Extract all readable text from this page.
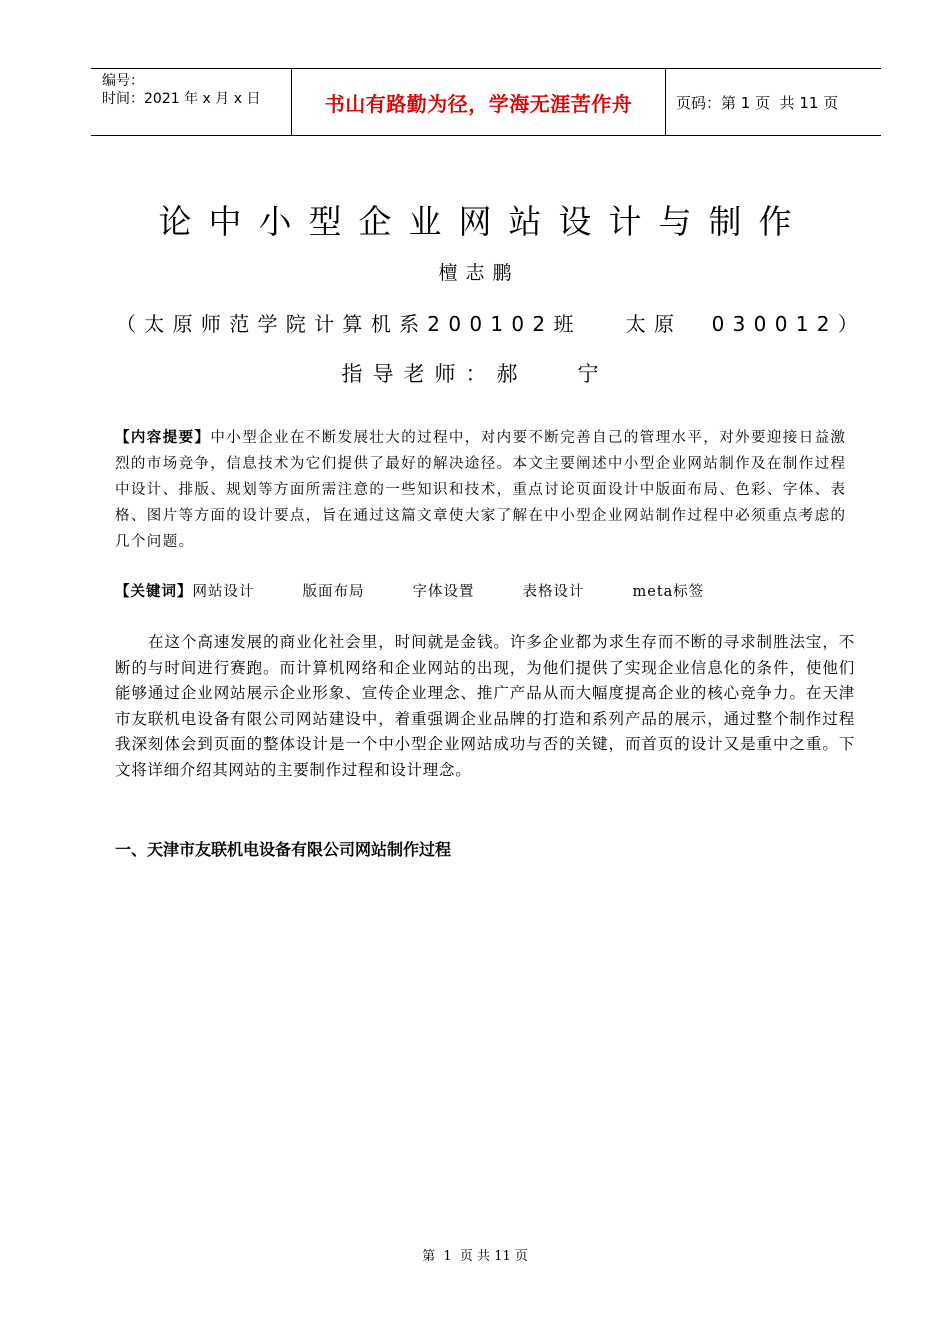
编号：
时间：2021 年 x 月 x 日	书山有路勤为径，学海无涯苦作舟	页码：第 1 页  共 11 页
论中小型企业网站设计与制作
檀志鹏
（太原师范学院计算机系200102班   太原  030012）
指导老师：郝   宁
【内容提要】中小型企业在不断发展壮大的过程中，对内要不断完善自己的管理水平，对外要迎接日益激烈的市场竞争，信息技术为它们提供了最好的解决途径。本文主要阐述中小型企业网站制作及在制作过程中设计、排版、规划等方面所需注意的一些知识和技术，重点讨论页面设计中版面布局、色彩、字体、表格、图片等方面的设计要点，旨在通过这篇文章使大家了解在中小型企业网站制作过程中必须重点考虑的几个问题。
【关键词】网站设计	版面布局	字体设置	表格设计	meta标签
在这个高速发展的商业化社会里，时间就是金钱。许多企业都为求生存而不断的寻求制胜法宝，不断的与时间进行赛跑。而计算机网络和企业网站的出现，为他们提供了实现企业信息化的条件，使他们能够通过企业网站展示企业形象、宣传企业理念、推广产品从而大幅度提高企业的核心竞争力。在天津市友联机电设备有限公司网站建设中，着重强调企业品牌的打造和系列产品的展示，通过整个制作过程我深刻体会到页面的整体设计是一个中小型企业网站成功与否的关键，而首页的设计又是重中之重。下文将详细介绍其网站的主要制作过程和设计理念。
一、天津市友联机电设备有限公司网站制作过程
第  1  页 共 11 页
